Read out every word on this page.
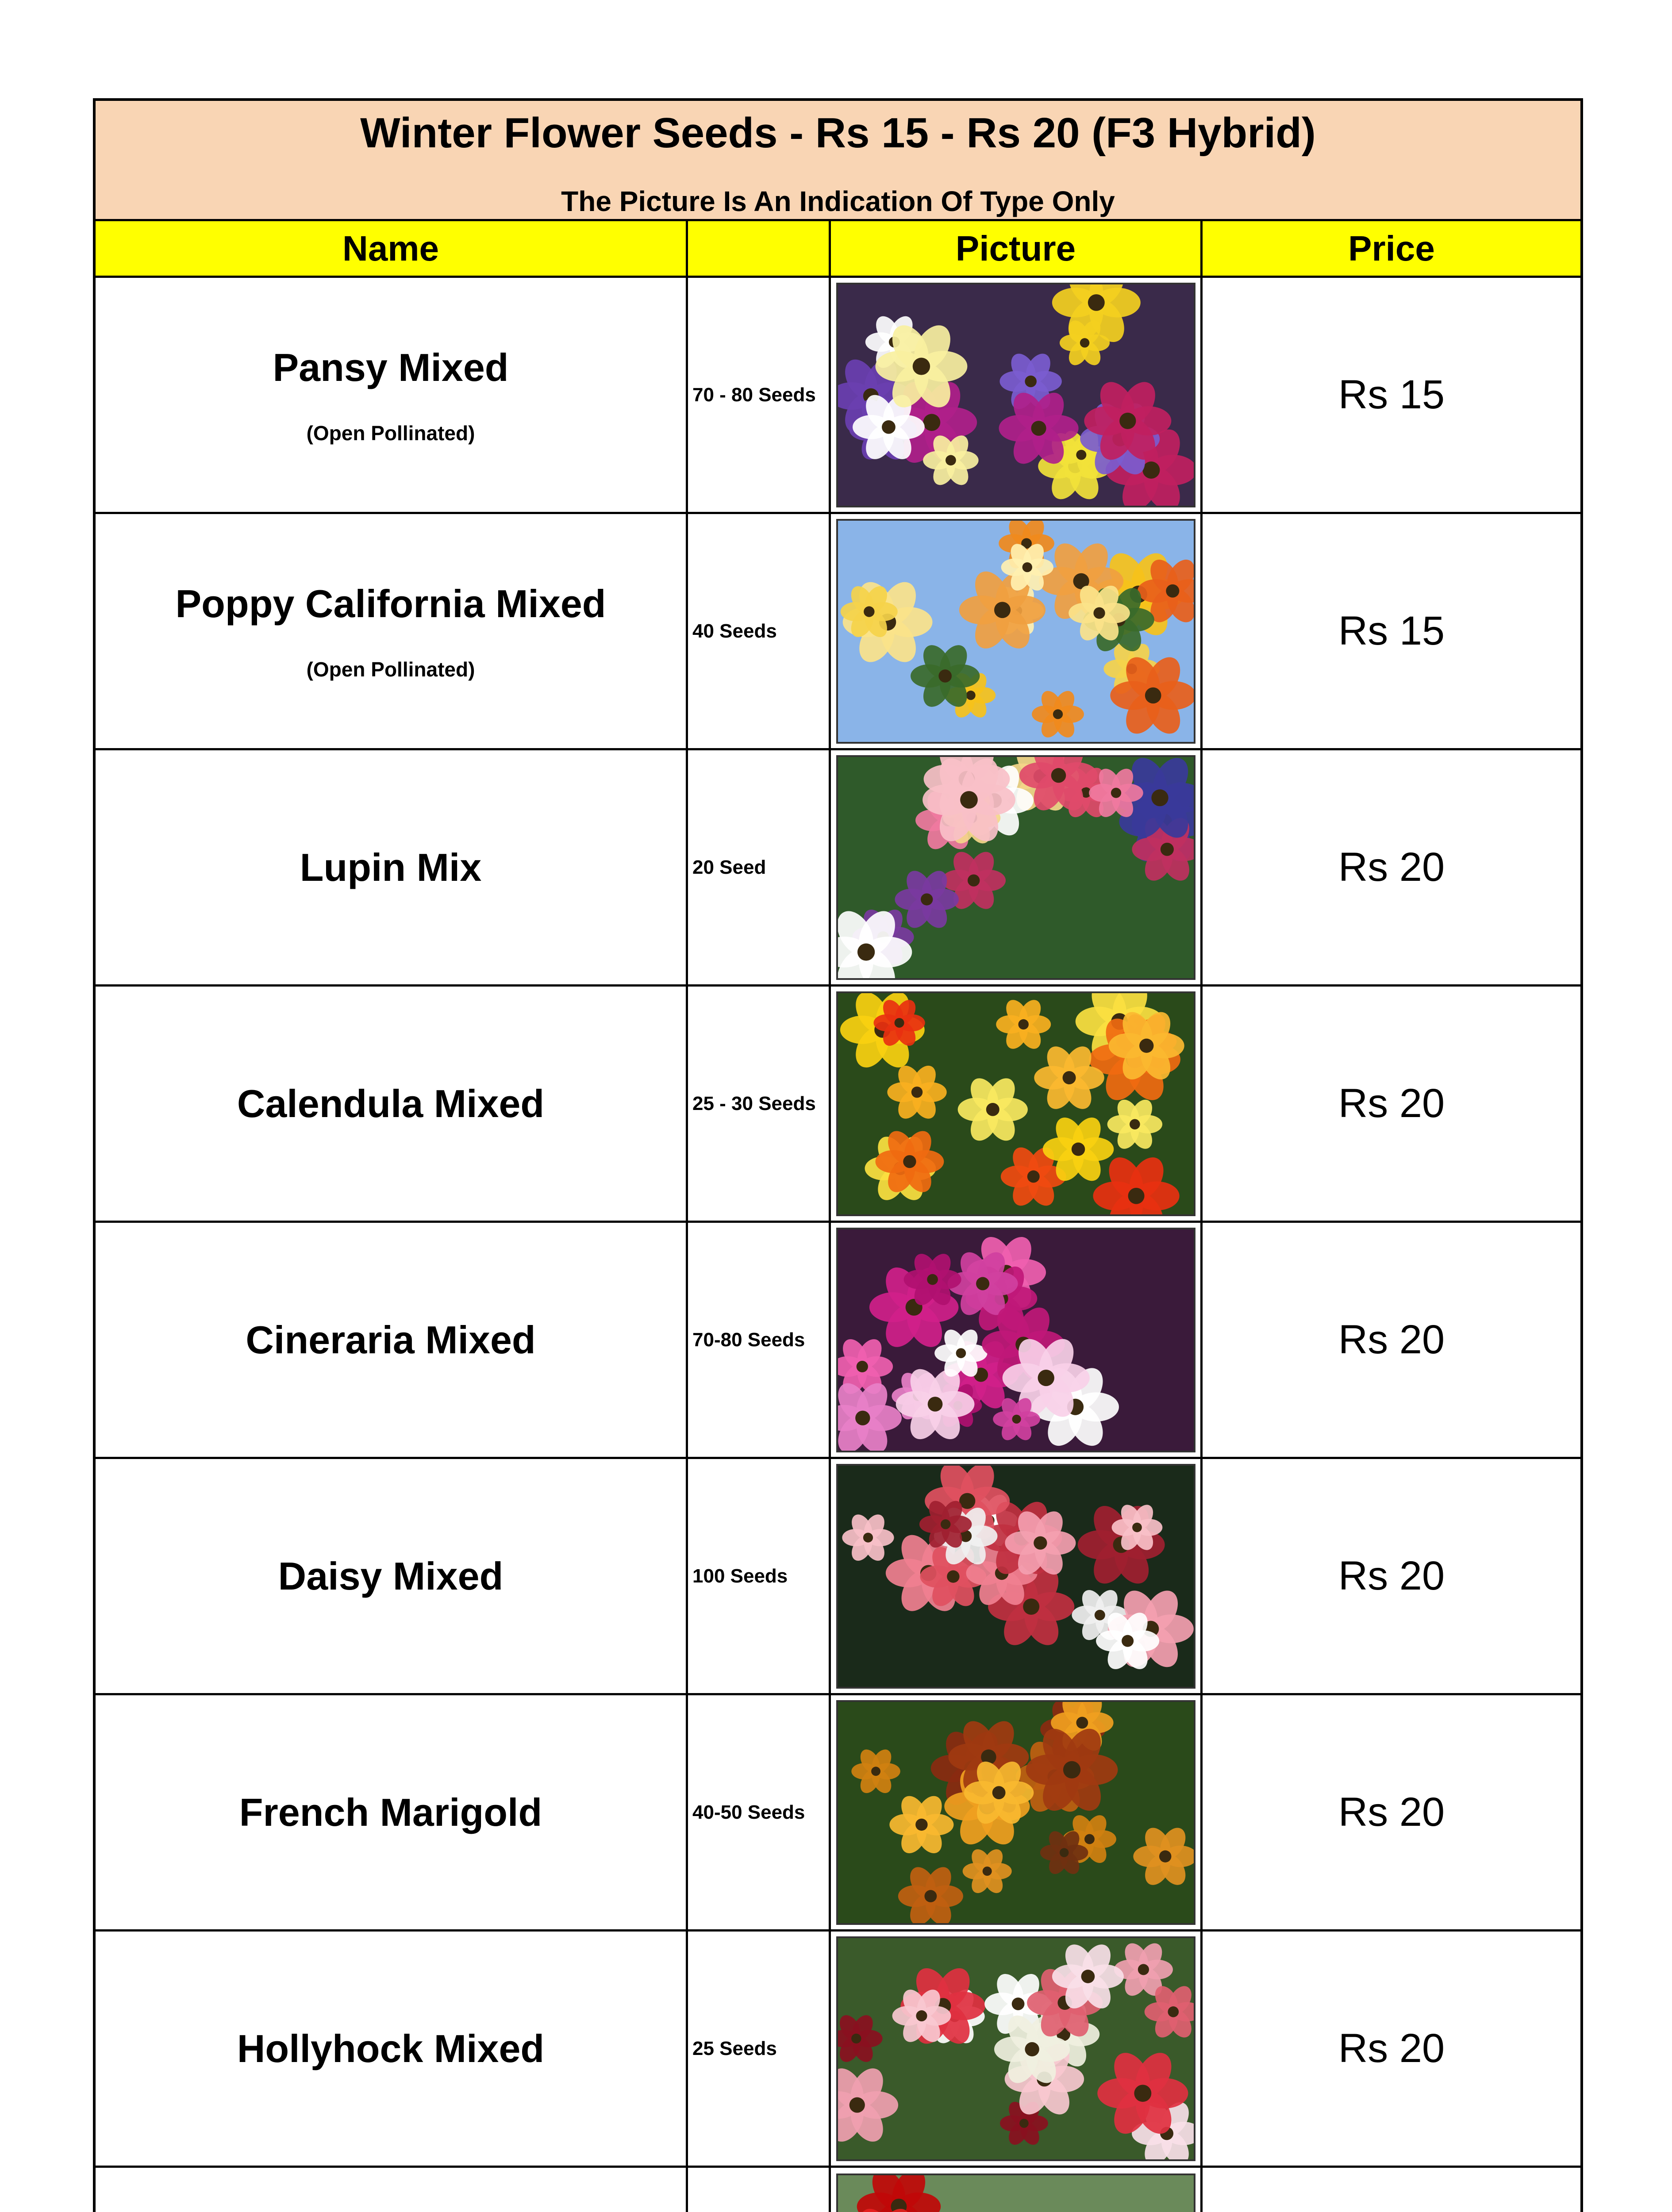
Winter Flower Seeds - Rs 15 - Rs 20 (F3 Hybrid)
The Picture Is An Indication Of Type Only
Name	Picture	Price
Pansy Mixed
(Open Pollinated)
70 - 80 Seeds	Rs 15
Poppy California Mixed
(Open Pollinated)
40 Seeds	Rs 15
Lupin Mix	20 Seed	Rs 20
Calendula Mixed	25 - 30 Seeds	Rs 20
Cineraria Mixed	70-80 Seeds	Rs 20
Daisy Mixed	100 Seeds	Rs 20
French Marigold	40-50 Seeds	Rs 20
Hollyhock Mixed	25 Seeds	Rs 20
